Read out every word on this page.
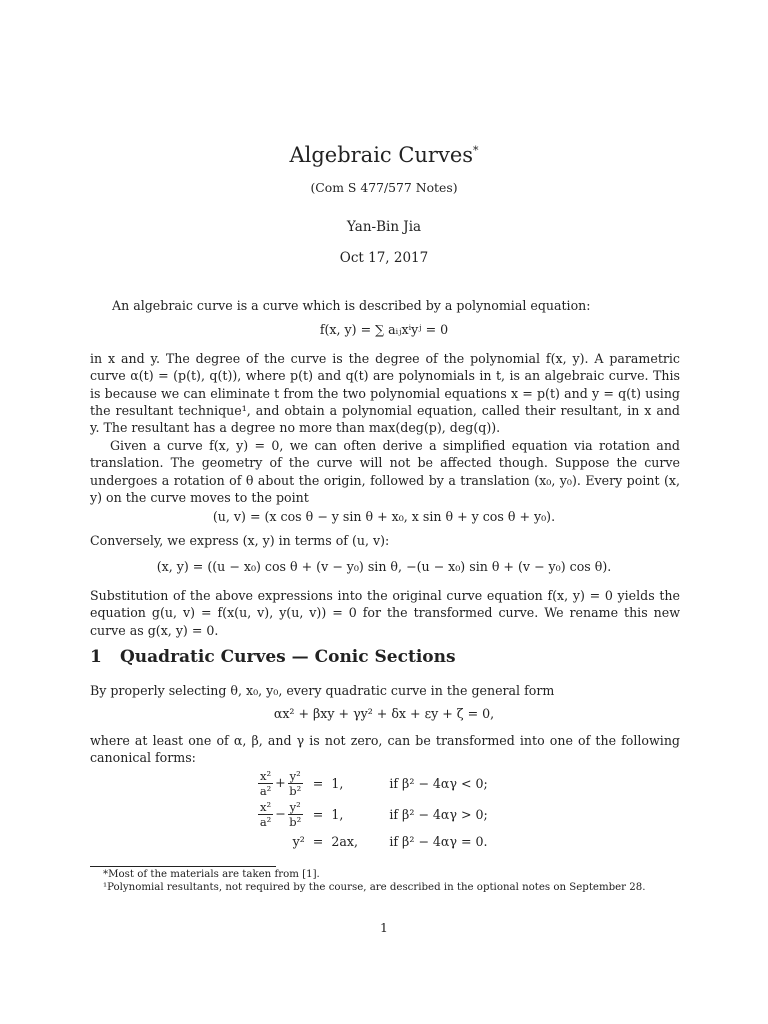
Algebraic Curves*
(Com S 477/577 Notes)
Yan-Bin Jia
Oct 17, 2017
An algebraic curve is a curve which is described by a polynomial equation:
f(x, y) = ∑ aᵢⱼxⁱyʲ = 0
in x and y. The degree of the curve is the degree of the polynomial f(x, y). A parametric curve α(t) = (p(t), q(t)), where p(t) and q(t) are polynomials in t, is an algebraic curve. This is because we can eliminate t from the two polynomial equations x = p(t) and y = q(t) using the resultant technique¹, and obtain a polynomial equation, called their resultant, in x and y. The resultant has a degree no more than max(deg(p), deg(q)).
Given a curve f(x, y) = 0, we can often derive a simplified equation via rotation and translation. The geometry of the curve will not be affected though. Suppose the curve undergoes a rotation of θ about the origin, followed by a translation (x₀, y₀). Every point (x, y) on the curve moves to the point
(u, v) = (x cos θ − y sin θ + x₀, x sin θ + y cos θ + y₀).
Conversely, we express (x, y) in terms of (u, v):
(x, y) = ((u − x₀) cos θ + (v − y₀) sin θ, −(u − x₀) sin θ + (v − y₀) cos θ).
Substitution of the above expressions into the original curve equation f(x, y) = 0 yields the equation g(u, v) = f(x(u, v), y(u, v)) = 0 for the transformed curve. We rename this new curve as g(x, y) = 0.
1 Quadratic Curves — Conic Sections
By properly selecting θ, x₀, y₀, every quadratic curve in the general form
αx² + βxy + γy² + δx + εy + ζ = 0,
where at least one of α, β, and γ is not zero, can be transformed into one of the following canonical forms:
$\frac{\text{x²}}{\text{a²}} + \frac{\text{y²}}{\text{b²}}$	=	1,	if β² − 4αγ < 0;

$\frac{\text{x²}}{\text{a²}} - \frac{\text{y²}}{\text{b²}}$	=	1,	if β² − 4αγ > 0;
y²	=	2ax,	if β² − 4αγ = 0.
*Most of the materials are taken from [1].
¹Polynomial resultants, not required by the course, are described in the optional notes on September 28.
1
